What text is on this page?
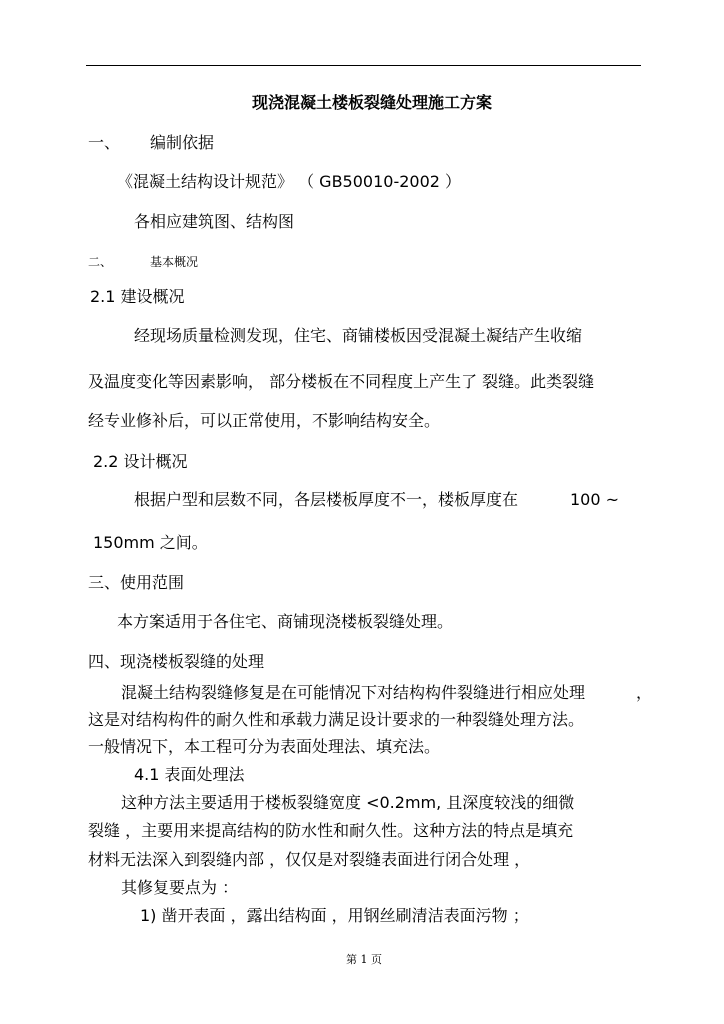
现浇混凝土楼板裂缝处理施工方案
一、 编制依据
《混凝土结构设计规范》 （ GB50010-2002 ）
各相应建筑图、结构图
二、	基本概况
2.1 建设概况
经现场质量检测发现，住宅、商铺楼板因受混凝土凝结产生收缩
及温度变化等因素影响， 部分楼板在不同程度上产生了 裂缝。此类裂缝
经专业修补后，可以正常使用，不影响结构安全。
2.2 设计概况
根据户型和层数不同，各层楼板厚度不一，楼板厚度在	100 ~
150mm 之间。
三、使用范围
本方案适用于各住宅、商铺现浇楼板裂缝处理。
四、现浇楼板裂缝的处理
混凝土结构裂缝修复是在可能情况下对结构构件裂缝进行相应处理	，
这是对结构构件的耐久性和承载力满足设计要求的一种裂缝处理方法。
一般情况下，本工程可分为表面处理法、填充法。
4.1 表面处理法
这种方法主要适用于楼板裂缝宽度 <0.2mm, 且深度较浅的细微
裂缝 ，主要用来提高结构的防水性和耐久性。这种方法的特点是填充
材料无法深入到裂缝内部 ，仅仅是对裂缝表面进行闭合处理 ，
其修复要点为 ：
1) 凿开表面 ，露出结构面 ，用钢丝刷清洁表面污物 ；
第 1 页
